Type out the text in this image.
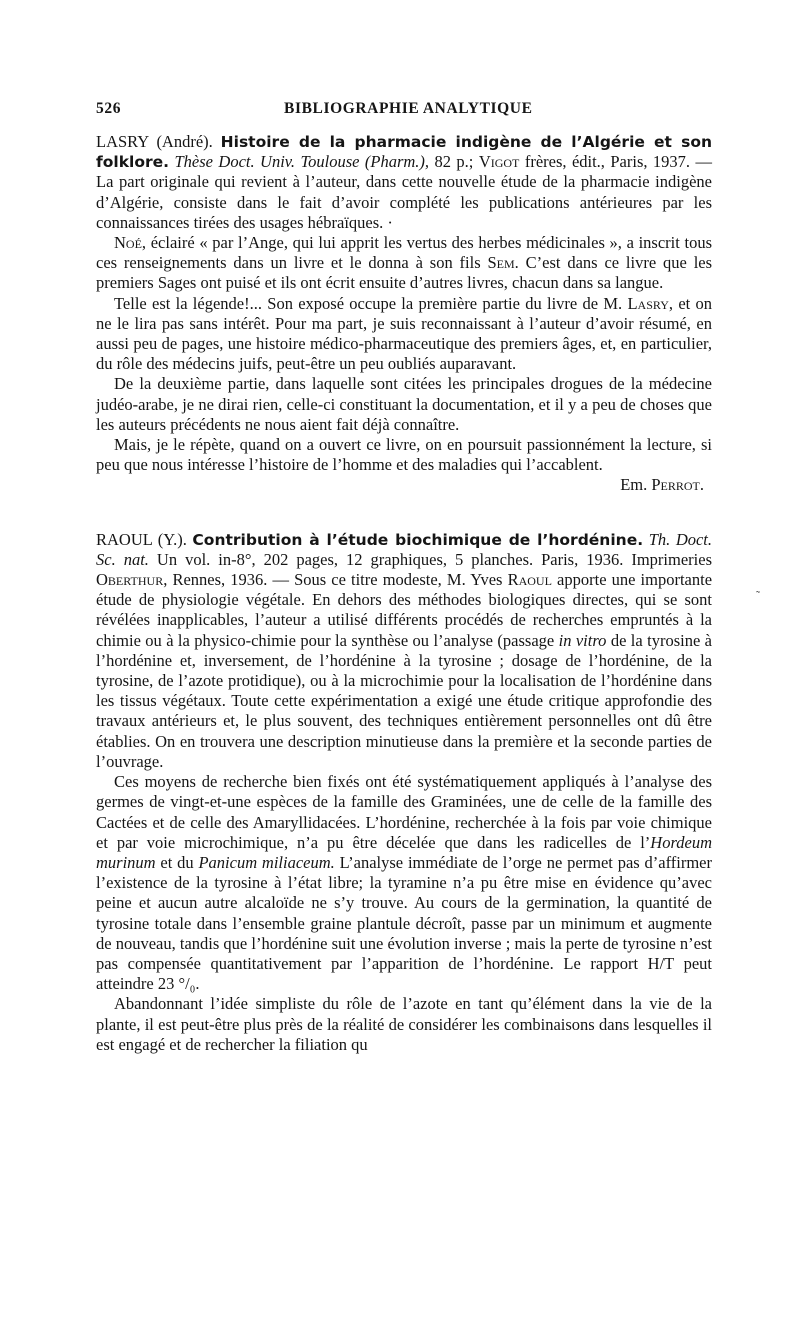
526	BIBLIOGRAPHIE ANALYTIQUE

LASRY (André). Histoire de la pharmacie indigène de l’Algérie et son folklore. Thèse Doct. Univ. Toulouse (Pharm.), 82 p.; Vigot frères, édit., Paris, 1937. — La part originale qui revient à l’auteur, dans cette nouvelle étude de la pharmacie indigène d’Algérie, consiste dans le fait d’avoir complété les publications antérieures par les connaissances tirées des usages hébraïques. ·

Noé, éclairé « par l’Ange, qui lui apprit les vertus des herbes médicinales », a inscrit tous ces renseignements dans un livre et le donna à son fils Sem. C’est dans ce livre que les premiers Sages ont puisé et ils ont écrit ensuite d’autres livres, chacun dans sa langue.

Telle est la légende!... Son exposé occupe la première partie du livre de M. Lasry, et on ne le lira pas sans intérêt. Pour ma part, je suis reconnaissant à l’auteur d’avoir résumé, en aussi peu de pages, une histoire médico-pharmaceutique des premiers âges, et, en particulier, du rôle des médecins juifs, peut-être un peu oubliés auparavant.

De la deuxième partie, dans laquelle sont citées les principales drogues de la médecine judéo-arabe, je ne dirai rien, celle-ci constituant la documentation, et il y a peu de choses que les auteurs précédents ne nous aient fait déjà connaître.

Mais, je le répète, quand on a ouvert ce livre, on en poursuit passionnément la lecture, si peu que nous intéresse l’histoire de l’homme et des maladies qui l’accablent.

Em.
Perrot.

RAOUL (Y.). Contribution à l’étude biochimique de l’hordénine. Th. Doct. Sc. nat. Un vol. in-8°, 202 pages, 12 graphiques, 5 planches. Paris, 1936. Imprimeries Oberthur, Rennes, 1936. — Sous ce titre modeste, M. Yves Raoul apporte une importante étude de physiologie végétale. En dehors des méthodes biologiques directes, qui se sont révélées inapplicables, l’auteur a utilisé différents procédés de recherches empruntés à la chimie ou à la physico-chimie pour la synthèse ou l’analyse (passage in vitro de la tyrosine à l’hordénine et, inversement, de l’hordénine à la tyrosine ; dosage de l’hordénine, de la tyrosine, de l’azote protidique), ou à la microchimie pour la localisation de l’hordénine dans les tissus végétaux. Toute cette expérimentation a exigé une étude critique approfondie des travaux antérieurs et, le plus souvent, des techniques entièrement personnelles ont dû être établies. On en trouvera une description minutieuse dans la première et la seconde parties de l’ouvrage.

Ces moyens de recherche bien fixés ont été systématiquement appliqués à l’analyse des germes de vingt-et-une espèces de la famille des Graminées, une de celle de la famille des Cactées et de celle des Amaryllidacées. L’hordénine, recherchée à la fois par voie chimique et par voie microchimique, n’a pu être décelée que dans les radicelles de l’Hordeum murinum et du Panicum miliaceum. L’analyse immédiate de l’orge ne permet pas d’affirmer l’existence de la tyrosine à l’état libre; la tyramine n’a pu être mise en évidence qu’avec peine et aucun autre alcaloïde ne s’y trouve. Au cours de la germination, la quantité de tyrosine totale dans l’ensemble graine plantule décroît, passe par un minimum et augmente de nouveau, tandis que l’hordénine suit une évolution inverse ; mais la perte de tyrosine n’est pas compensée quantitativement par l’apparition de l’hordénine. Le rapport H/T peut atteindre 23 °/₀.

Abandonnant l’idée simpliste du rôle de l’azote en tant qu’élément dans la vie de la plante, il est peut-être plus près de la réalité de considérer les combinaisons dans lesquelles il est engagé et de rechercher la filiation qu

˜
